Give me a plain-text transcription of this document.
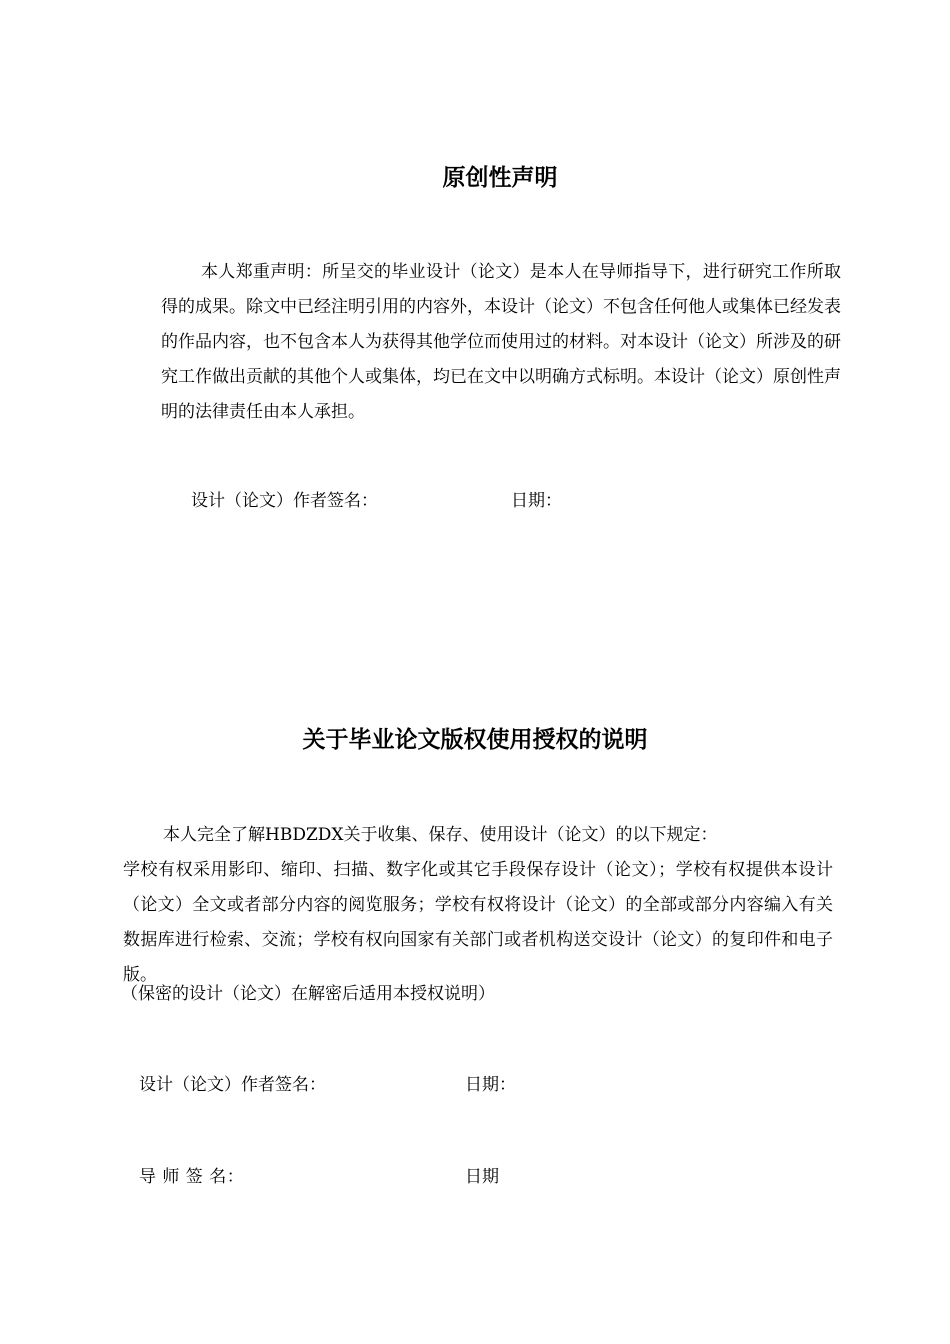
原创性声明

本人郑重声明：所呈交的毕业设计（论文）是本人在导师指导下，进行研究工作所取得的成果。除文中已经注明引用的内容外，本设计（论文）不包含任何他人或集体已经发表的作品内容，也不包含本人为获得其他学位而使用过的材料。对本设计（论文）所涉及的研究工作做出贡献的其他个人或集体，均已在文中以明确方式标明。本设计（论文）原创性声明的法律责任由本人承担。

设计（论文）作者签名：	日期：
关于毕业论文版权使用授权的说明
本人完全了解HBDZDX关于收集、保存、使用设计（论文）的以下规定：
学校有权采用影印、缩印、扫描、数字化或其它手段保存设计（论文）；学校有权提供本设计（论文）全文或者部分内容的阅览服务；学校有权将设计（论文）的全部或部分内容编入有关数据库进行检索、交流；学校有权向国家有关部门或者机构送交设计（论文）的复印件和电子版。
（保密的设计（论文）在解密后适用本授权说明）
设计（论文）作者签名：	日期：
导 师 签 名：	日期
